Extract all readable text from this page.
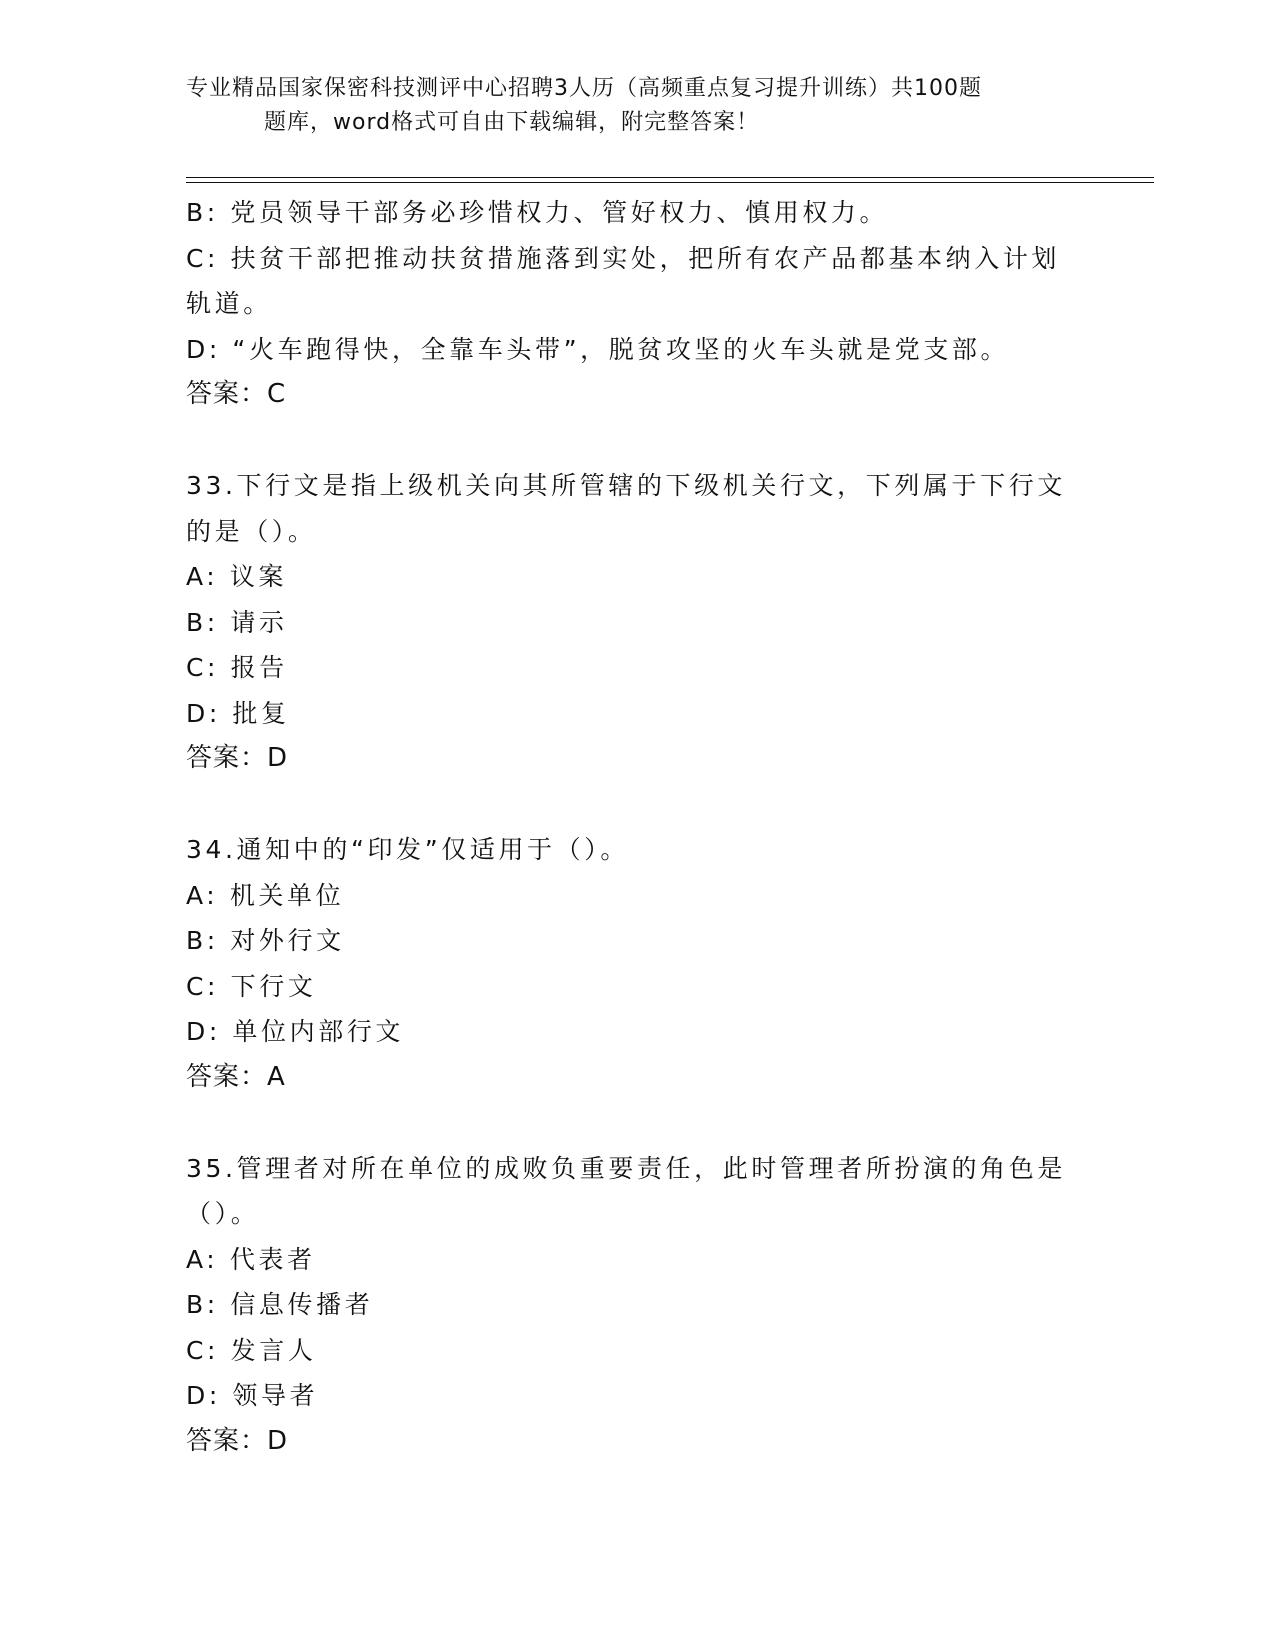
专业精品国家保密科技测评中心招聘3人历（高频重点复习提升训练）共100题
题库，word格式可自由下载编辑，附完整答案！
B: 党员领导干部务必珍惜权力、管好权力、慎用权力。
C: 扶贫干部把推动扶贫措施落到实处，把所有农产品都基本纳入计划
轨道。
D: “火车跑得快，全靠车头带”，脱贫攻坚的火车头就是党支部。
答案：C
33.下行文是指上级机关向其所管辖的下级机关行文，下列属于下行文
的是（）。
A: 议案
B: 请示
C: 报告
D: 批复
答案：D
34.通知中的“印发”仅适用于（）。
A: 机关单位
B: 对外行文
C: 下行文
D: 单位内部行文
答案：A
35.管理者对所在单位的成败负重要责任，此时管理者所扮演的角色是
（）。
A: 代表者
B: 信息传播者
C: 发言人
D: 领导者
答案：D
